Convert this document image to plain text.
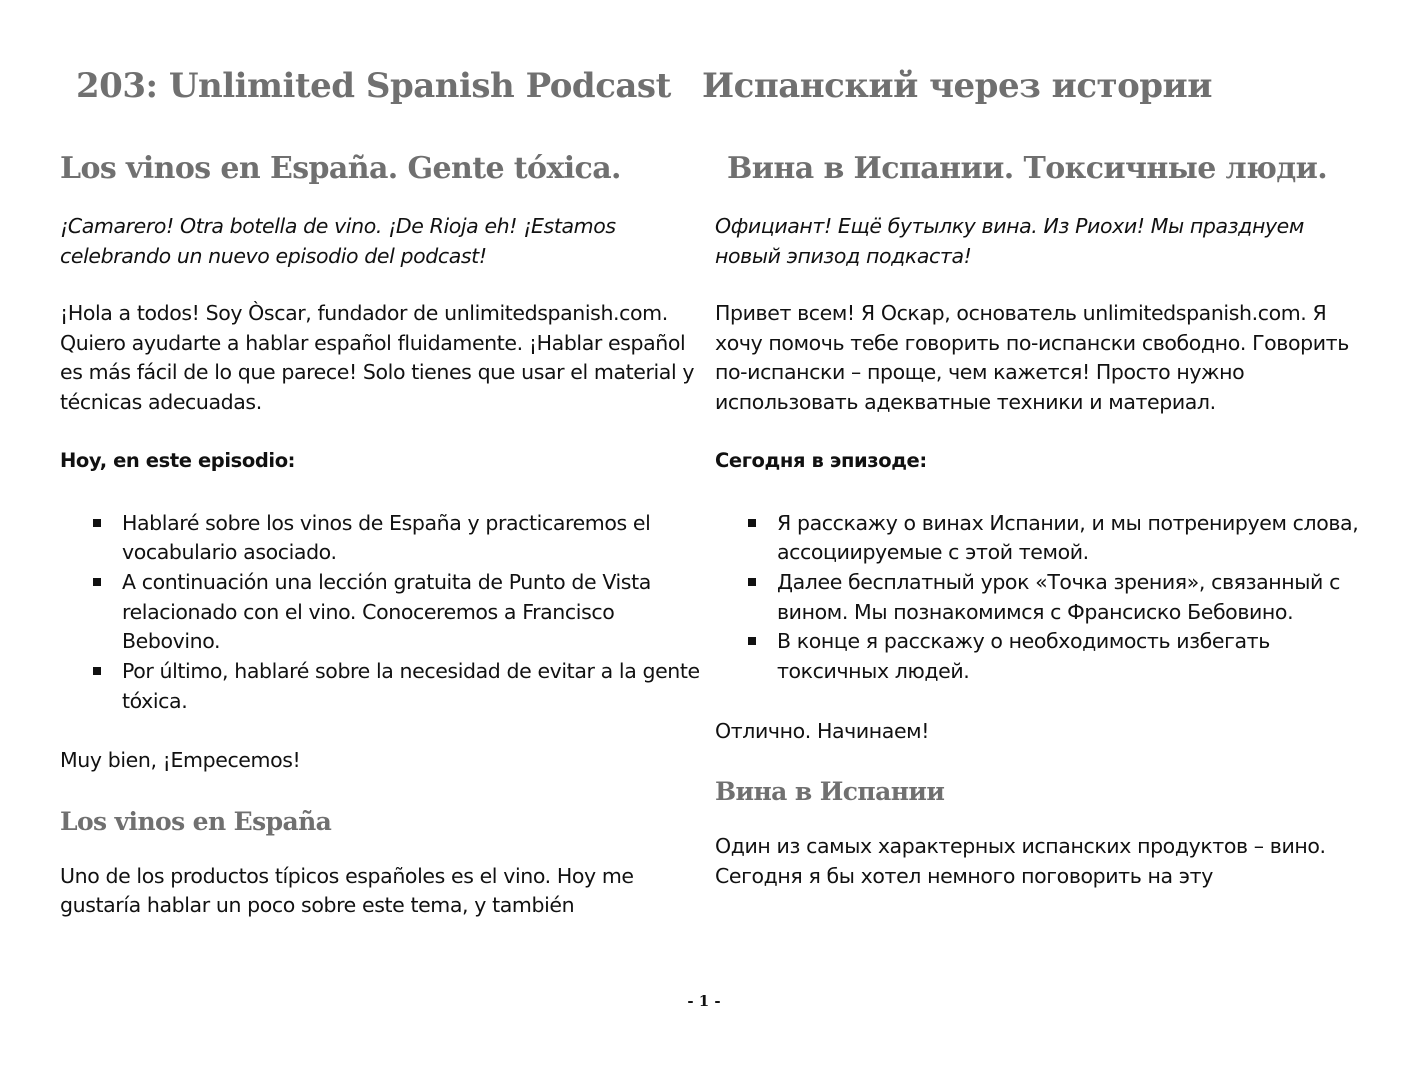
203: Unlimited Spanish Podcast Испанский через истории
Los vinos en España. Gente tóxica.

¡Camarero! Otra botella de vino. ¡De Rioja eh! ¡Estamos celebrando un nuevo episodio del podcast!

¡Hola a todos! Soy Òscar, fundador de unlimitedspanish.com. Quiero ayudarte a hablar español fluidamente. ¡Hablar español es más fácil de lo que parece! Solo tienes que usar el material y técnicas adecuadas.

Hoy, en este episodio:

Hablaré sobre los vinos de España y practicaremos el vocabulario asociado.
A continuación una lección gratuita de Punto de Vista relacionado con el vino. Conoceremos a Francisco Bebovino.
Por último, hablaré sobre la necesidad de evitar a la gente tóxica.

Muy bien, ¡Empecemos!

Los vinos en España

Uno de los productos típicos españoles es el vino. Hoy me gustaría hablar un poco sobre este tema, y también

Вина в Испании. Токсичные люди.

Официант! Ещё бутылку вина. Из Риохи! Мы празднуем новый эпизод подкаста!

Привет всем! Я Оскар, основатель unlimitedspanish.com. Я хочу помочь тебе говорить по-испански свободно. Говорить по-испански – проще, чем кажется! Просто нужно использовать адекватные техники и материал.

Сегодня в эпизоде:

Я расскажу о винах Испании, и мы потренируем слова, ассоциируемые с этой темой.
Далее бесплатный урок «Точка зрения», связанный с вином. Мы познакомимся с Франсиско Бебовино.
В конце я расскажу о необходимость избегать токсичных людей.

Отлично. Начинаем!

Вина в Испании

Один из самых характерных испанских продуктов – вино. Сегодня я бы хотел немного поговорить на эту

- 1 -
